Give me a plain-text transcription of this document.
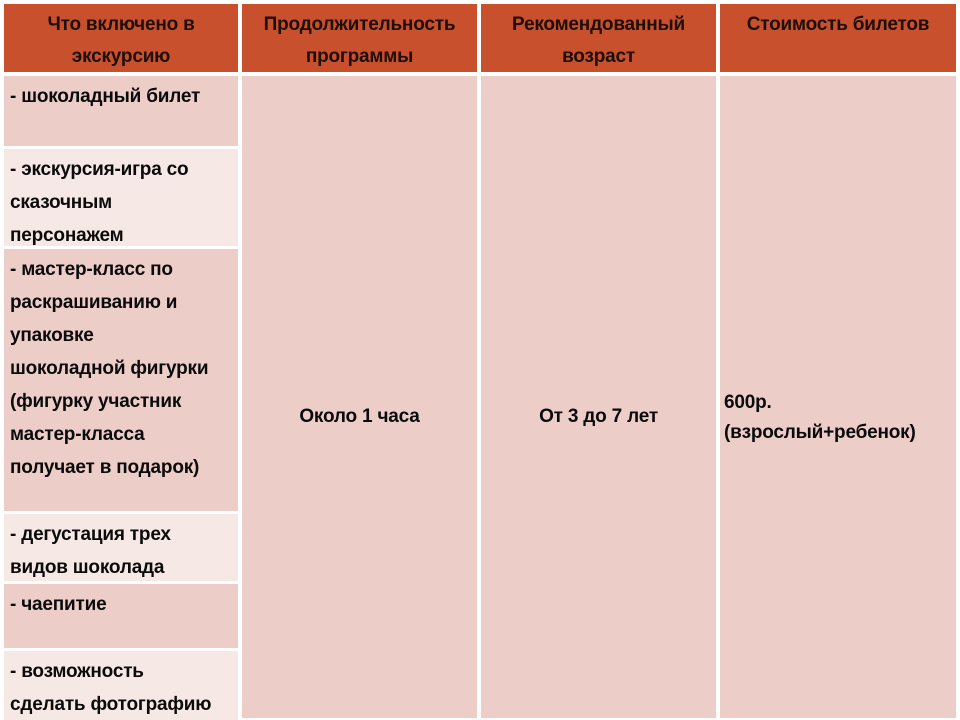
Что включено в
экскурсию
Продолжительность
программы
Рекомендованный
возраст
Стоимость билетов
- шоколадный билет
- экскурсия-игра со
сказочным
персонажем
- мастер-класс по
раскрашиванию и
упаковке
шоколадной фигурки
(фигурку участник
мастер-класса
получает в подарок)
- дегустация трех
видов шоколада
- чаепитие
- возможность
сделать фотографию
Около 1 часа	От 3 до 7 лет
600р.
(взрослый+ребенок)
